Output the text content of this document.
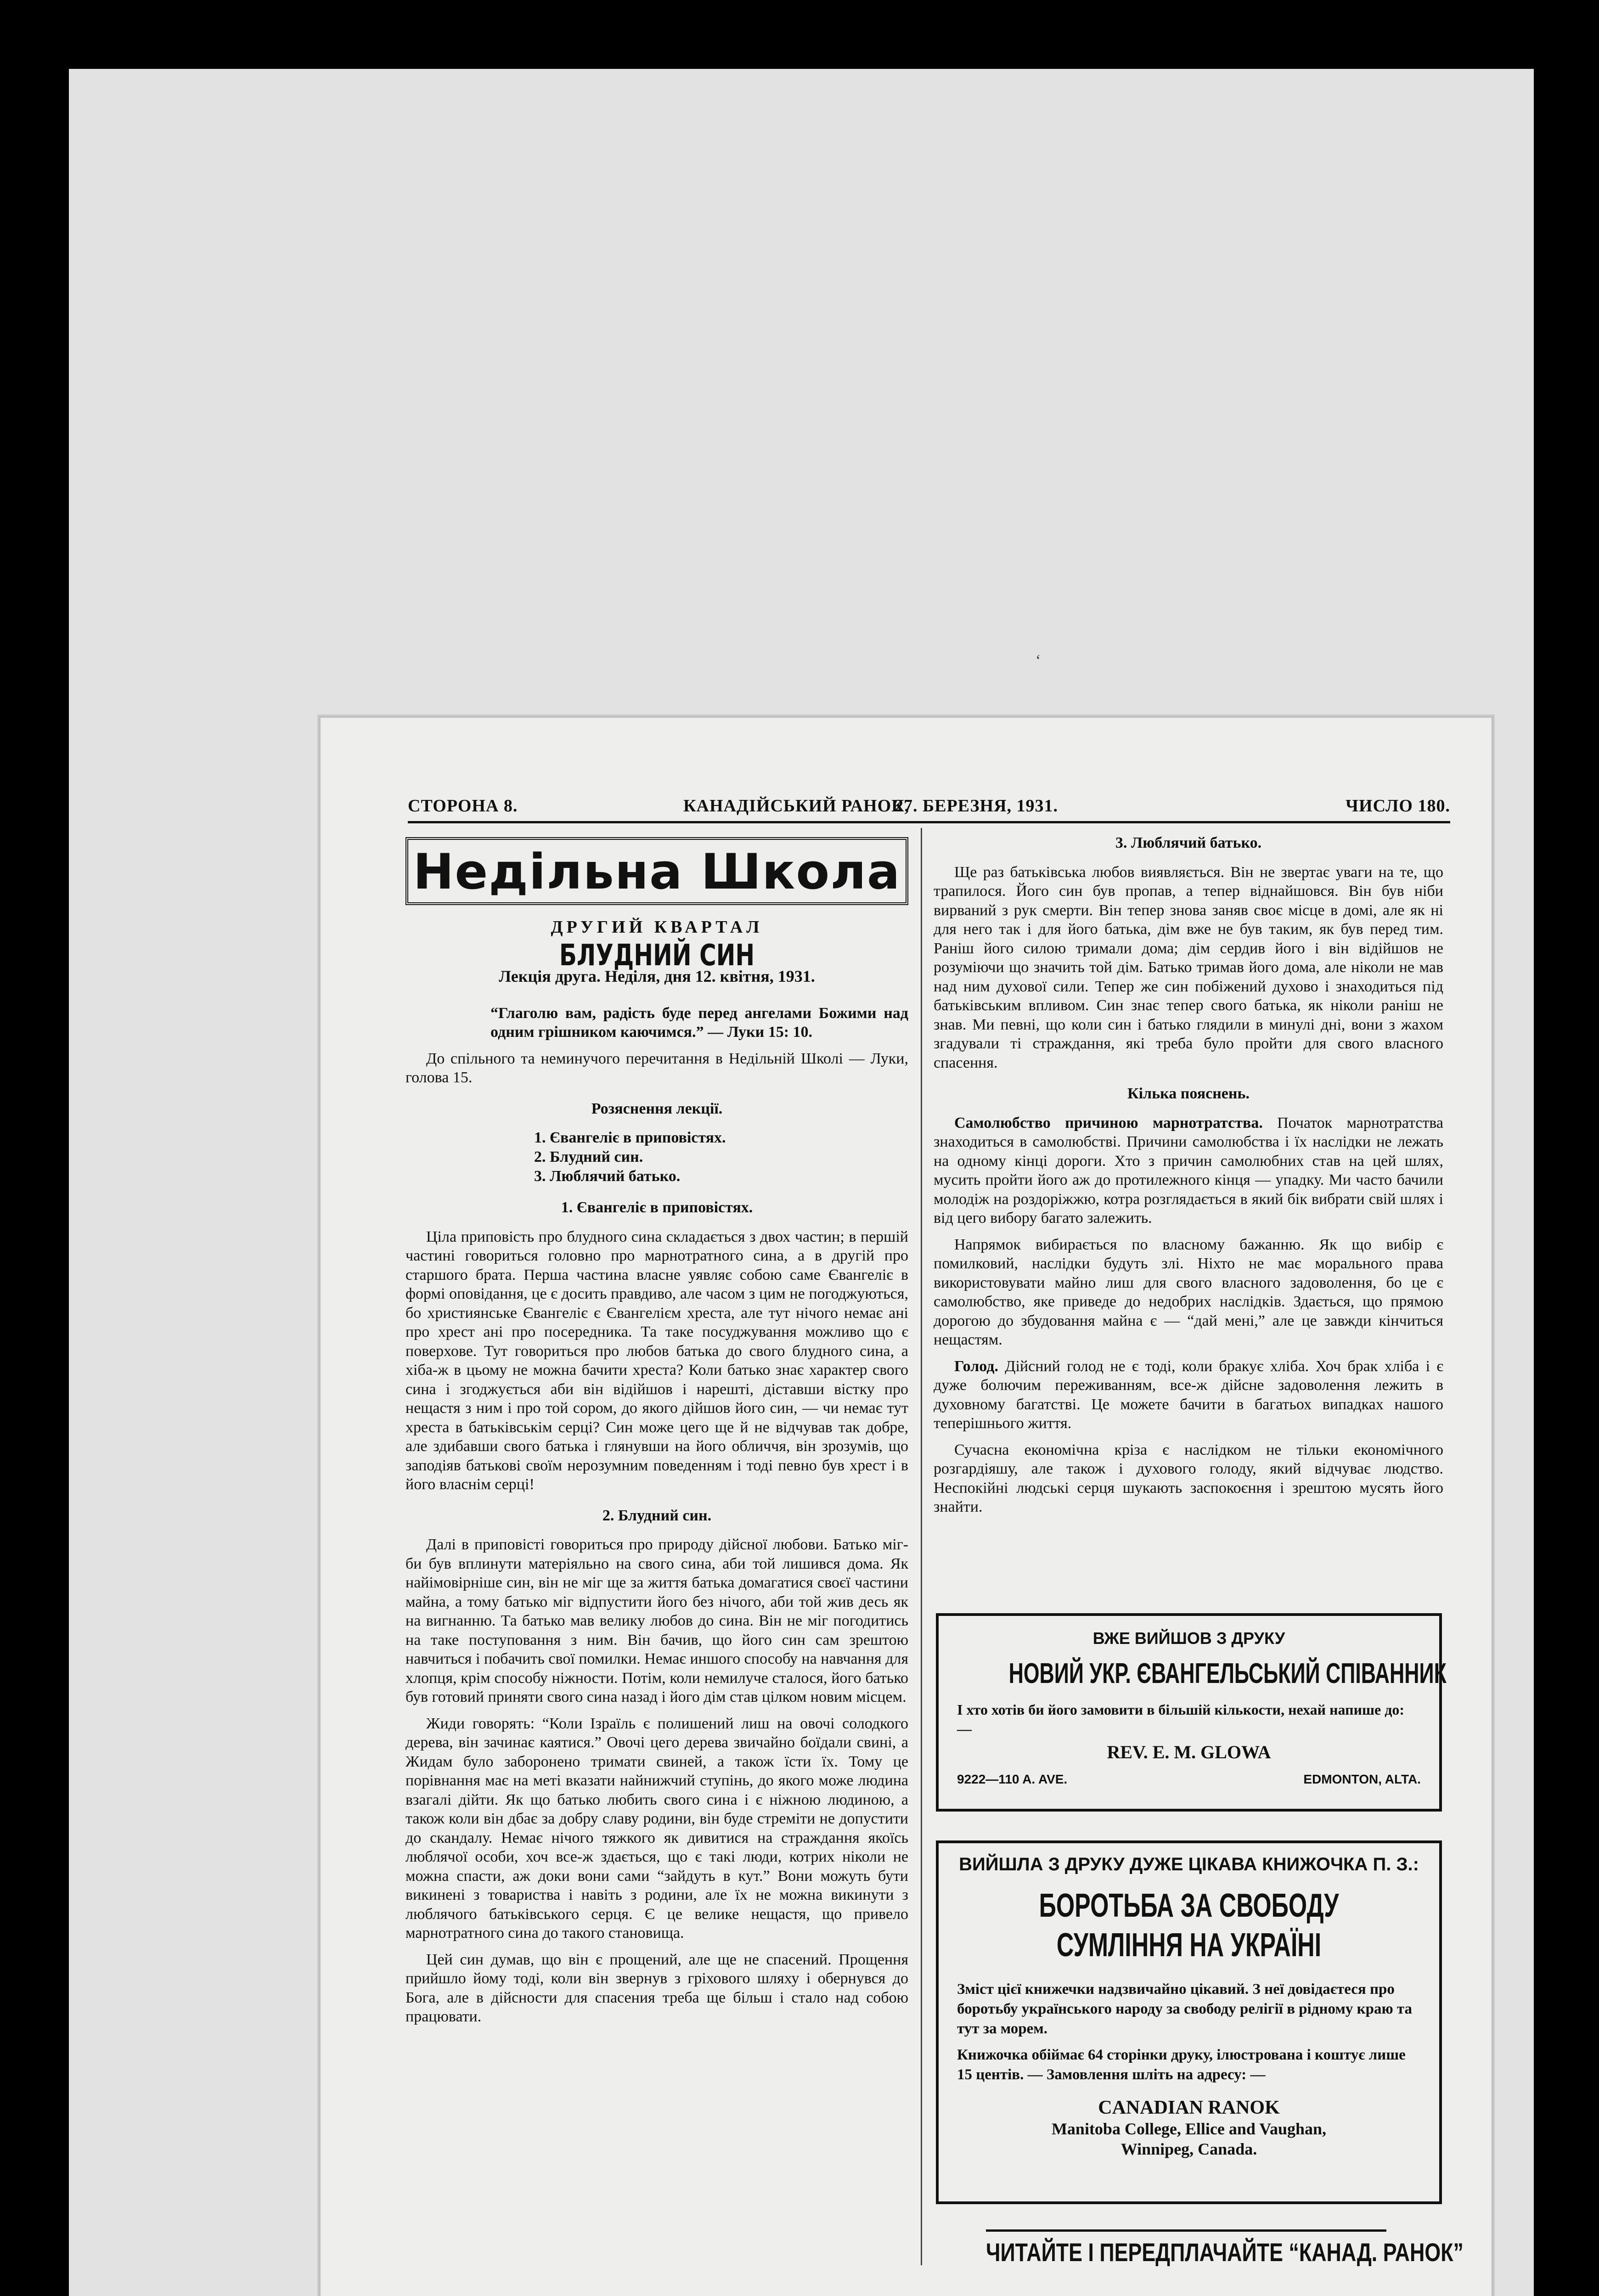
ʻ
СТОРОНА 8.	КАНАДІЙСЬКИЙ РАНОК,
27. БЕРЕЗНЯ, 1931.	ЧИСЛО 180.
Недільна Школа
ДРУГИЙ КВАРТАЛ
БЛУДНИЙ СИН
Лекція друга. Неділя, дня 12. квітня, 1931.

“Глаголю вам, радість буде перед ангелами Божими над одним грішником каючимся.” — Луки 15: 10.

До спільного та неминучого перечитання в Недільній Школі — Луки, голова 15.

Розяснення лекції.

1. Євангеліє в приповістях.
2. Блудний син.
3. Люблячий батько.

1. Євангеліє в приповістях.

Ціла приповість про блудного сина складається з двох частин; в першій частині говориться головно про марнотратного сина, а в другій про старшого брата. Перша частина власне уявляє собою саме Євангеліє в формі оповідання, це є досить правдиво, але часом з цим не погоджуються, бо християнське Євангеліє є Євангелієм хреста, але тут нічого немає ані про хрест ані про посередника. Та таке посуджування можливо що є поверхове. Тут говориться про любов батька до свого блудного сина, а хіба-ж в цьому не можна бачити хреста? Коли батько знає характер свого сина і згоджується аби він відійшов і нарешті, діставши вістку про нещастя з ним і про той сором, до якого дійшов його син, — чи немає тут хреста в батьківськім серці? Син може цего ще й не відчував так добре, але здибавши свого батька і глянувши на його обличчя, він зрозумів, що заподіяв батькові своїм нерозумним поведенням і тоді певно був хрест і в його власнім серці!

2. Блудний син.

Далі в приповісті говориться про природу дійсної любови. Батько міг-би був вплинути матеріяльно на свого сина, аби той лишився дома. Як найімовірніше син, він не міг ще за життя батька домагатися своєї частини майна, а тому батько міг відпустити його без нічого, аби той жив десь як на вигнанню. Та батько мав велику любов до сина. Він не міг погодитись на таке поступовання з ним. Він бачив, що його син сам зрештою навчиться і побачить свої помилки. Немає иншого способу на навчання для хлопця, крім способу ніжности. Потім, коли немилуче сталося, його батько був готовий приняти свого сина назад і його дім став цілком новим місцем.

Жиди говорять: “Коли Ізраїль є полишений лиш на овочі солодкого дерева, він зачинає каятися.” Овочі цего дерева звичайно боїдали свині, а Жидам було заборонено тримати свиней, а також їсти їх. Тому це порівнання має на меті вказати найнижчий ступінь, до якого може людина взагалі дійти. Як що батько любить свого сина і є ніжною людиною, а також коли він дбає за добру славу родини, він буде стреміти не допустити до скандалу. Немає нічого тяжкого як дивитися на страждання якоїсь люблячої особи, хоч все-ж здається, що є такі люди, котрих ніколи не можна спасти, аж доки вони сами “зайдуть в кут.” Вони можуть бути викинені з товариства і навіть з родини, але їх не можна викинути з люблячого батьківського серця. Є це велике нещастя, що привело марнотратного сина до такого становища.

Цей син думав, що він є прощений, але ще не спасений. Прощення прийшло йому тоді, коли він звернув з гріхового шляху і обернувся до Бога, але в дійсности для спасения треба ще більш і стало над собою працювати.

3. Люблячий батько.

Ще раз батьківська любов виявляється. Він не звертає уваги на те, що трапилося. Його син був пропав, а тепер віднайшовся. Він був ніби вирваний з рук смерти. Він тепер знова заняв своє місце в домі, але як ні для него так і для його батька, дім вже не був таким, як був перед тим. Раніш його силою тримали дома; дім сердив його і він відійшов не розуміючи що значить той дім. Батько тримав його дома, але ніколи не мав над ним духової сили. Тепер же син побіжений духово і знаходиться під батьківським впливом. Син знає тепер свого батька, як ніколи раніш не знав. Ми певні, що коли син і батько глядили в минулі дні, вони з жахом згадували ті страждання, які треба було пройти для свого власного спасення.

Кілька пояснень.

Самолюбство причиною марнотратства. Початок марнотратства знаходиться в самолюбстві. Причини самолюбства і їх наслідки не лежать на одному кінці дороги. Хто з причин самолюбних став на цей шлях, мусить пройти його аж до протилежного кінця — упадку. Ми часто бачили молодіж на роздоріжжю, котра розглядається в який бік вибрати свій шлях і від цего вибору багато залежить.

Напрямок вибирається по власному бажанню. Як що вибір є помилковий, наслідки будуть злі. Ніхто не має морального права використовувати майно лиш для свого власного задоволення, бо це є самолюбство, яке приведе до недобрих наслідків. Здається, що прямою дорогою до збудовання майна є — “дай мені,” але це завжди кінчиться нещастям.

Голод. Дійсний голод не є тоді, коли бракує хліба. Хоч брак хліба і є дуже болючим переживанням, все-ж дійсне задоволення лежить в духовному багатстві. Це можете бачити в багатьох випадках нашого теперішнього життя.

Сучасна економічна кріза є наслідком не тільки економічного розгардіяшу, але також і духового голоду, який відчуває людство. Неспокійні людські серця шукають заспокоєння і зрештою мусять його знайти.

ВЖЕ ВИЙШОВ З ДРУКУ
НОВИЙ УКР. ЄВАНГЕЛЬСЬКИЙ СПІВАННИК
І хто хотів би його замовити в більшій кількости, нехай напише до: —
REV. E. M. GLOWA
9222—110 A. AVE.	EDMONTON, ALTA.
ВИЙШЛА З ДРУКУ ДУЖЕ ЦІКАВА КНИЖОЧКА П. З.:
БОРОТЬБА ЗА СВОБОДУ СУМЛІННЯ НА УКРАЇНІ
Зміст цієї книжечки надзвичайно цікавий. З неї довідаєтеся про боротьбу українського народу за свободу релігії в рідному краю та тут за морем.
Книжочка обіймає 64 сторінки друку, ілюстрована і коштує лише 15 центів. — Замовлення шліть на адресу: —
CANADIAN RANOK
Manitoba College, Ellice and Vaughan,
Winnipeg, Canada.
ЧИТАЙТЕ І ПЕРЕДПЛАЧАЙТЕ “КАНАД. РАНОК”
